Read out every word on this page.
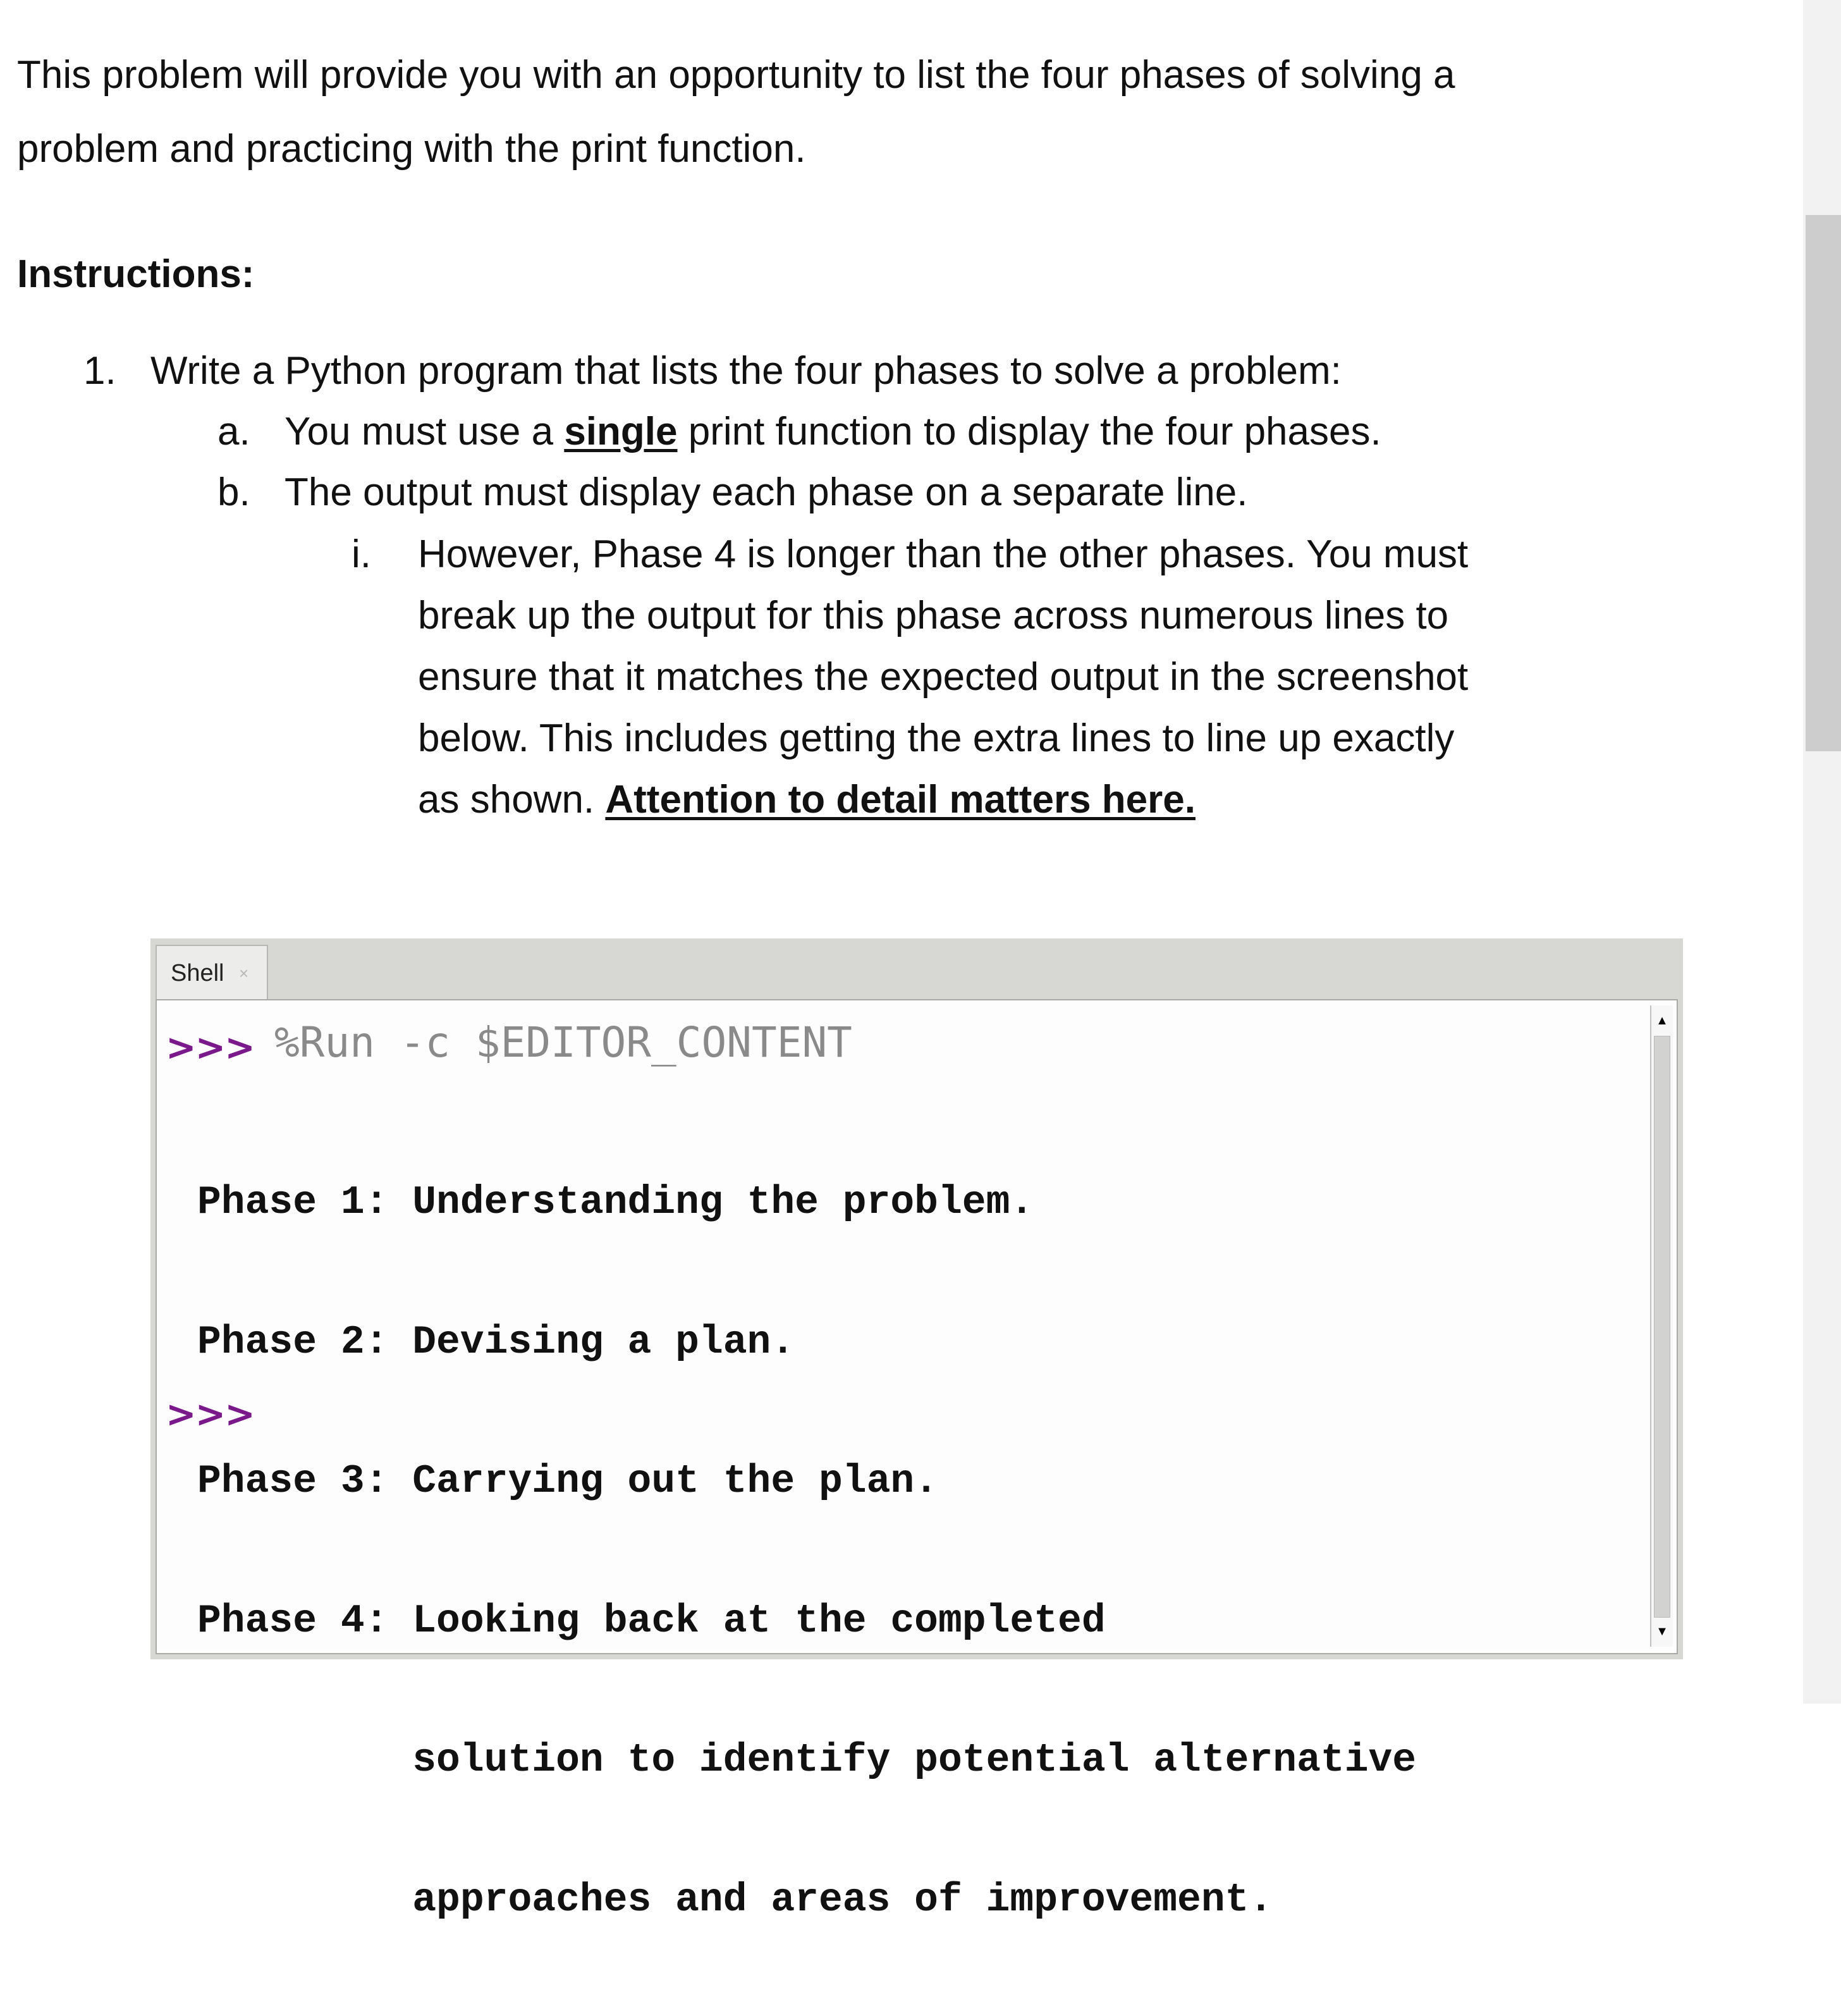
This problem will provide you with an opportunity to list the four phases of solving a
problem and practicing with the print function.
Instructions:
1. Write a Python program that lists the four phases to solve a problem:
a. You must use a single print function to display the four phases.
b. The output must display each phase on a separate line.
i. However, Phase 4 is longer than the other phases. You must
break up the output for this phase across numerous lines to
ensure that it matches the expected output in the screenshot
below. This includes getting the extra lines to line up exactly
as shown. Attention to detail matters here.
Shell ×
>>> %Run -c $EDITOR_CONTENT

Phase 1: Understanding the problem.

Phase 2: Devising a plan.

Phase 3: Carrying out the plan.

Phase 4: Looking back at the completed

solution to identify potential alternative

approaches and areas of improvement.

>>>
▲
▼
